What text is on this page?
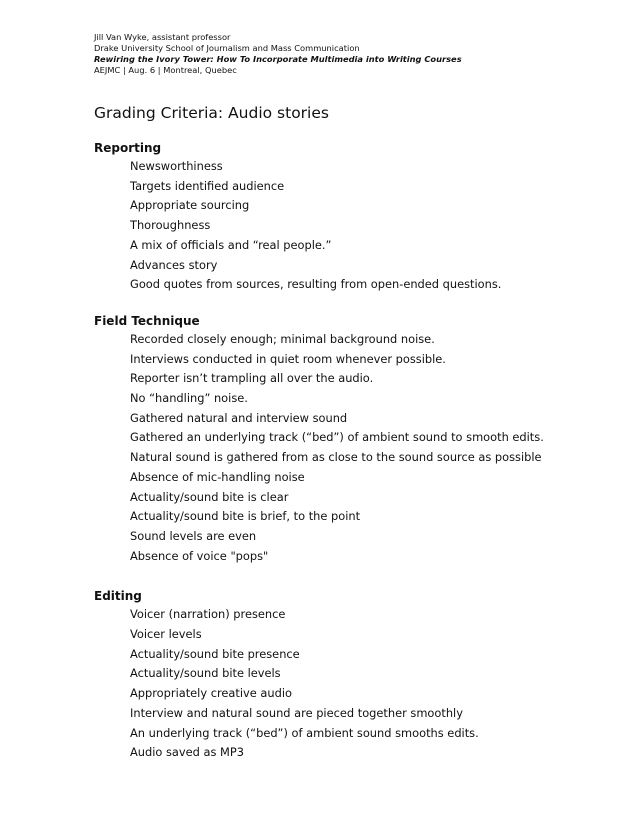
Jill Van Wyke, assistant professor
Drake University School of Journalism and Mass Communication
Rewiring the Ivory Tower: How To Incorporate Multimedia into Writing Courses
AEJMC | Aug. 6 | Montreal, Quebec
Grading Criteria: Audio stories
Reporting
Newsworthiness
Targets identified audience
Appropriate sourcing
Thoroughness
A mix of officials and “real people.”
Advances story
Good quotes from sources, resulting from open-ended questions.
Field Technique
Recorded closely enough; minimal background noise.
Interviews conducted in quiet room whenever possible.
Reporter isn’t trampling all over the audio.
No “handling” noise.
Gathered natural and interview sound
Gathered an underlying track (“bed”) of ambient sound to smooth edits.
Natural sound is gathered from as close to the sound source as possible
Absence of mic-handling noise
Actuality/sound bite is clear
Actuality/sound bite is brief, to the point
Sound levels are even
Absence of voice "pops"
Editing
Voicer (narration) presence
Voicer levels
Actuality/sound bite presence
Actuality/sound bite levels
Appropriately creative audio
Interview and natural sound are pieced together smoothly
An underlying track (“bed”) of ambient sound smooths edits.
Audio saved as MP3
